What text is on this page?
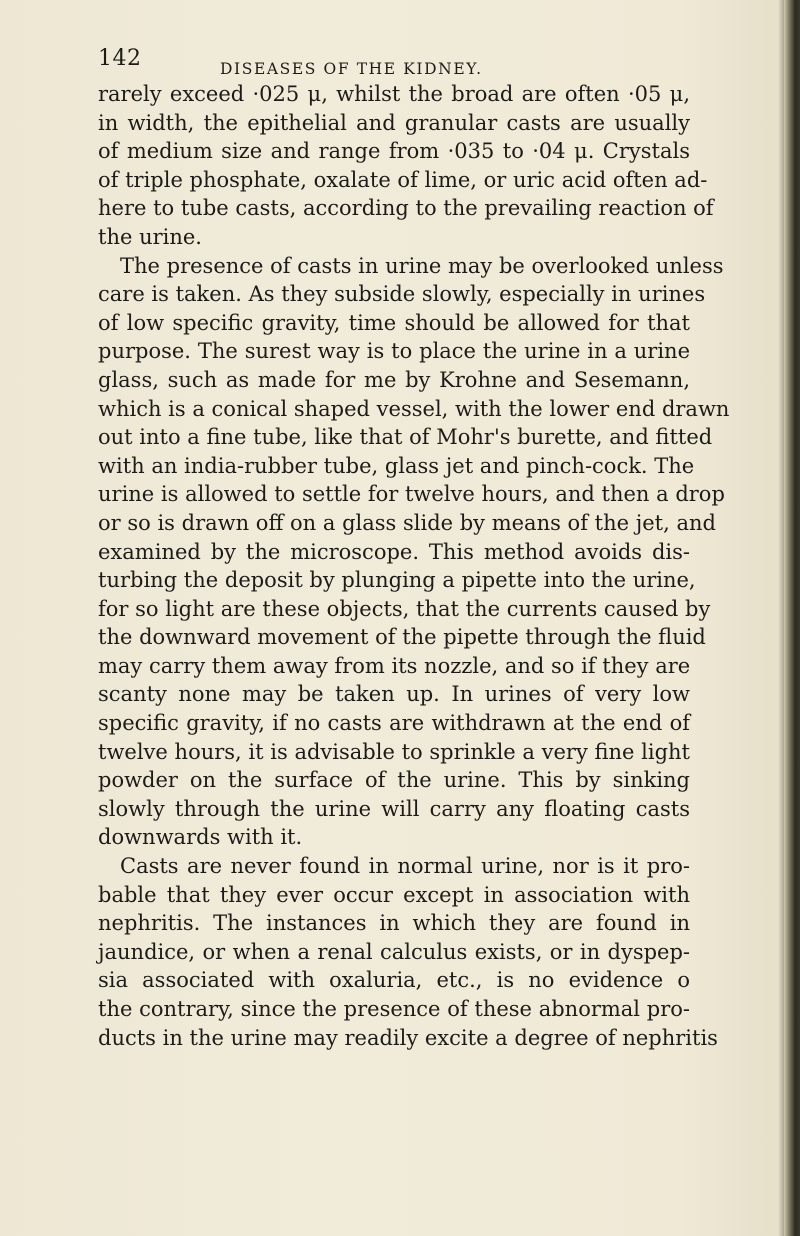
142	DISEASES OF THE KIDNEY.
rarely exceed ·025 μ, whilst the broad are often ·05 μ,
in width, the epithelial and granular casts are usually
of medium size and range from ·035 to ·04 μ. Crystals
of triple phosphate, oxalate of lime, or uric acid often ad-
here to tube casts, according to the prevailing reaction of
the urine.
The presence of casts in urine may be overlooked unless
care is taken. As they subside slowly, especially in urines
of low specific gravity, time should be allowed for that
purpose. The surest way is to place the urine in a urine
glass, such as made for me by Krohne and Sesemann,
which is a conical shaped vessel, with the lower end drawn
out into a fine tube, like that of Mohr's burette, and fitted
with an india-rubber tube, glass jet and pinch-cock. The
urine is allowed to settle for twelve hours, and then a drop
or so is drawn off on a glass slide by means of the jet, and
examined by the microscope. This method avoids dis-
turbing the deposit by plunging a pipette into the urine,
for so light are these objects, that the currents caused by
the downward movement of the pipette through the fluid
may carry them away from its nozzle, and so if they are
scanty none may be taken up. In urines of very low
specific gravity, if no casts are withdrawn at the end of
twelve hours, it is advisable to sprinkle a very fine light
powder on the surface of the urine. This by sinking
slowly through the urine will carry any floating casts
downwards with it.
Casts are never found in normal urine, nor is it pro-
bable that they ever occur except in association with
nephritis. The instances in which they are found in
jaundice, or when a renal calculus exists, or in dyspep-
sia associated with oxaluria, etc., is no evidence o
the contrary, since the presence of these abnormal pro-
ducts in the urine may readily excite a degree of nephritis
